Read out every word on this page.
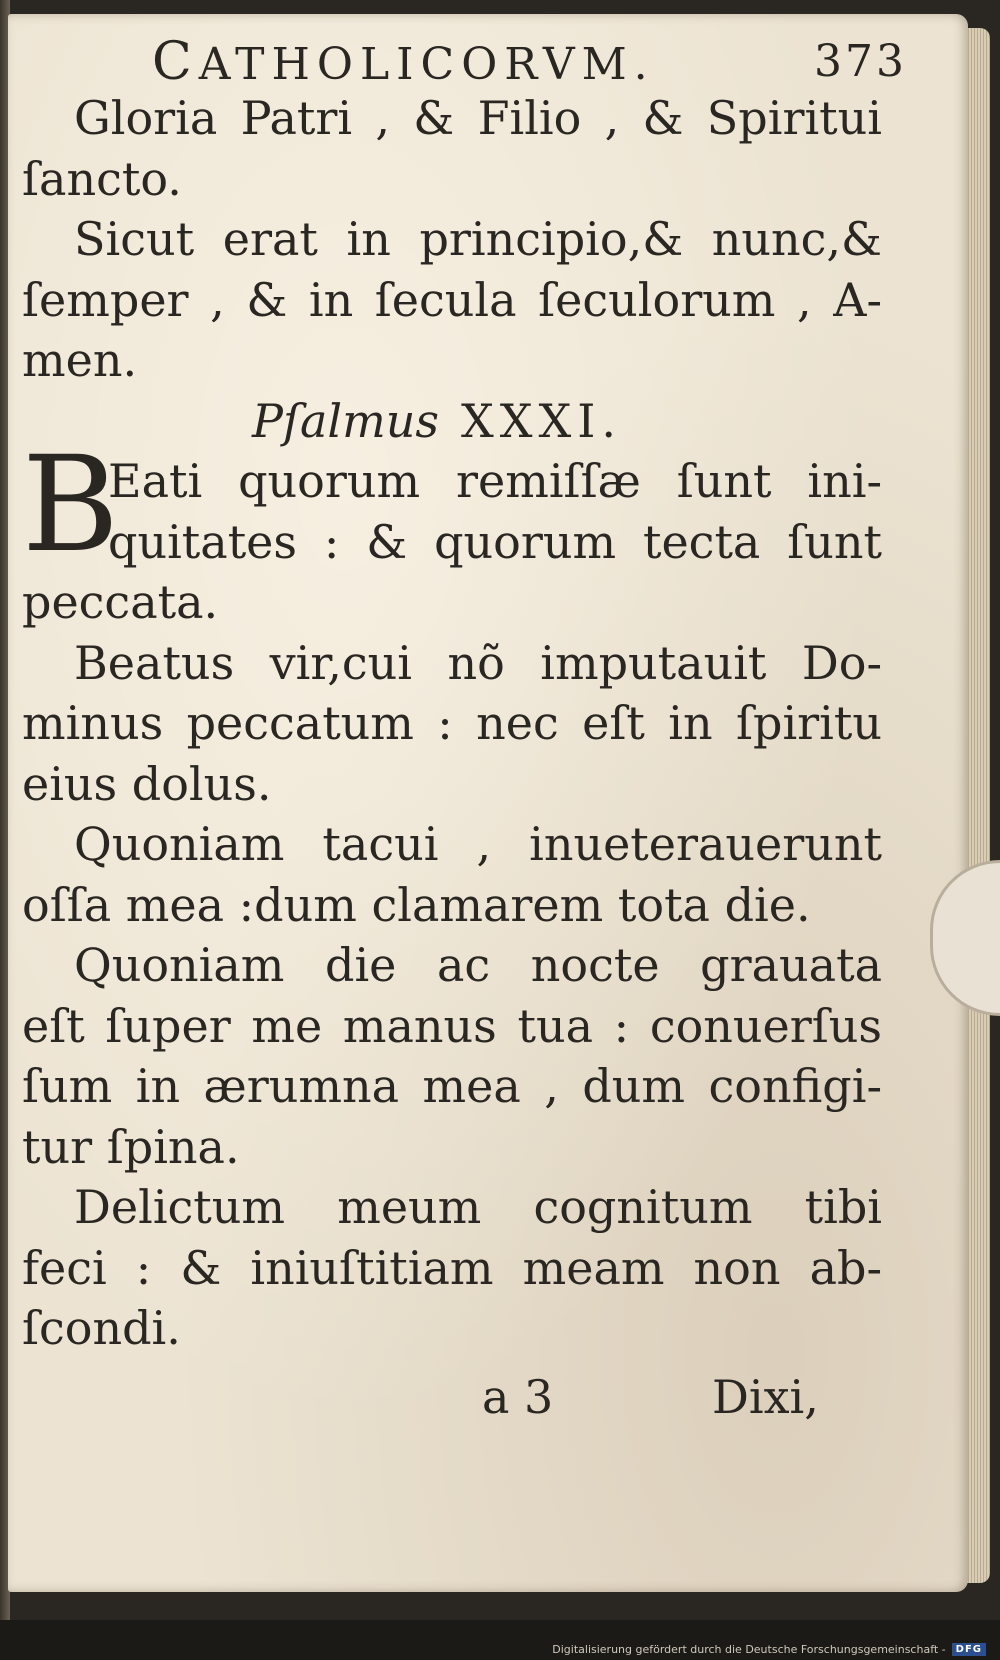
CATHOLICORVM.	373
Gloria Patri , & Filio , & Spiritui
ſancto.
Sicut erat in principio,& nunc,&
ſemper , & in ſecula ſeculorum , A-
men.
Pſalmus XXXI.
B
Eati quorum remiſſæ ſunt ini-
quitates : & quorum tecta ſunt
peccata.
Beatus vir,cui nõ imputauit Do-
minus peccatum : nec eſt in ſpiritu
eius dolus.
Quoniam tacui , inueterauerunt
oſſa mea :dum clamarem tota die.
Quoniam die ac nocte grauata
eſt ſuper me manus tua : conuerſus
ſum in ærumna mea , dum configi-
tur ſpina.
Delictum meum cognitum tibi
feci : & iniuſtitiam meam non ab-
ſcondi.
a 3	Dixi,
Digitalisierung gefördert durch die Deutsche Forschungsgemeinschaft -	DFG
